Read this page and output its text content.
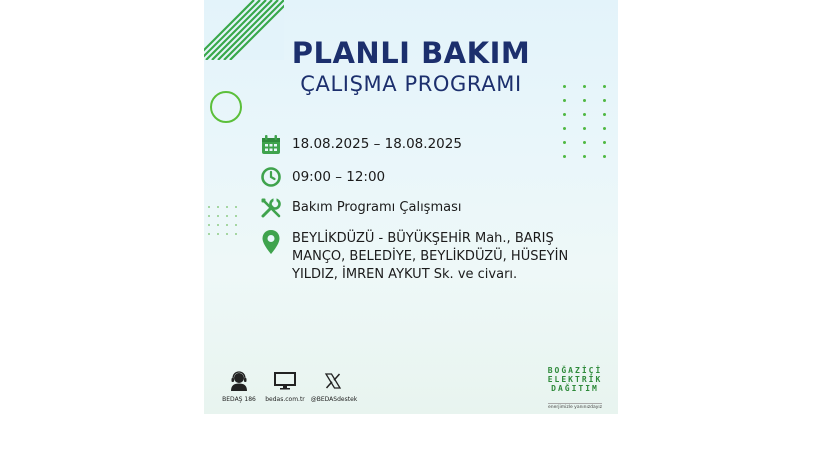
PLANLI BAKIM
ÇALIŞMA PROGRAMI
18.08.2025 – 18.08.2025
09:00 – 12:00
Bakım Programı Çalışması
BEYLİKDÜZÜ - BÜYÜKŞEHİR Mah., BARIŞ MANÇO, BELEDİYE, BEYLİKDÜZÜ, HÜSEYİN YILDIZ, İMREN AYKUT Sk. ve civarı.
BEDAŞ 186	bedas.com.tr @BEDASdestek
BOĞAZİÇİ
ELEKTRİK
DAĞITIM
enerjimizle yanınızdayız
